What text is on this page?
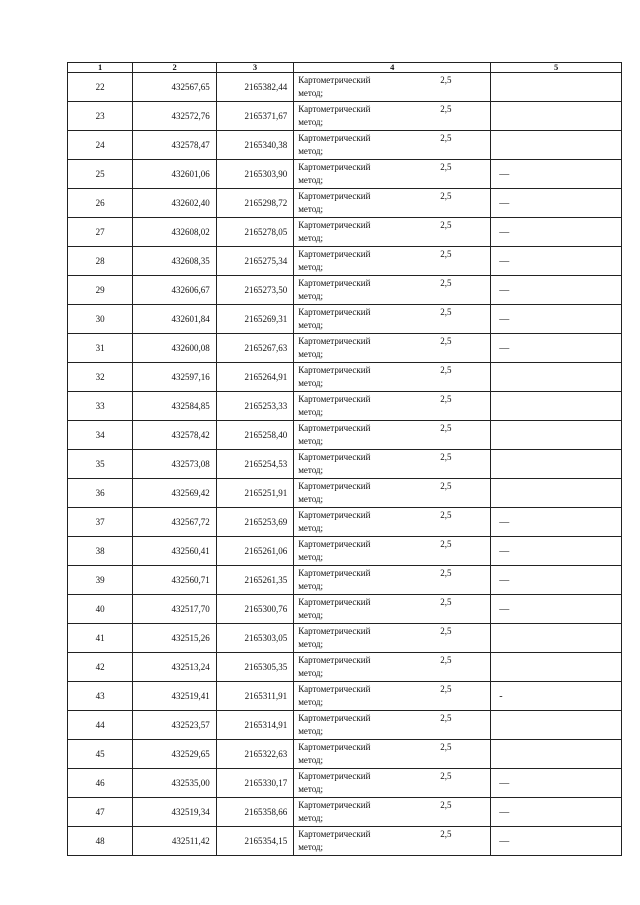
1	2	3	4	5
22	432567,65	2165382,44	Картометрический
метод;
2,5	

23	432572,76	2165371,67	Картометрический
метод;
2,5	

24	432578,47	2165340,38	Картометрический
метод;
2,5	

25	432601,06	2165303,90	Картометрический
метод;
2,5	—
26	432602,40	2165298,72	Картометрический
метод;
2,5	—
27	432608,02	2165278,05	Картометрический
метод;
2,5	—
28	432608,35	2165275,34	Картометрический
метод;
2,5	—
29	432606,67	2165273,50	Картометрический
метод;
2,5	—
30	432601,84	2165269,31	Картометрический
метод;
2,5	—
31	432600,08	2165267,63	Картометрический
метод;
2,5	—
32	432597,16	2165264,91	Картометрический
метод;
2,5	

33	432584,85	2165253,33	Картометрический
метод;
2,5	

34	432578,42	2165258,40	Картометрический
метод;
2,5	

35	432573,08	2165254,53	Картометрический
метод;
2,5	

36	432569,42	2165251,91	Картометрический
метод;
2,5	

37	432567,72	2165253,69	Картометрический
метод;
2,5	—
38	432560,41	2165261,06	Картометрический
метод;
2,5	—
39	432560,71	2165261,35	Картометрический
метод;
2,5	—
40	432517,70	2165300,76	Картометрический
метод;
2,5	—
41	432515,26	2165303,05	Картометрический
метод;
2,5	

42	432513,24	2165305,35	Картометрический
метод;
2,5	

43	432519,41	2165311,91	Картометрический
метод;
2,5	-
44	432523,57	2165314,91	Картометрический
метод;
2,5	

45	432529,65	2165322,63	Картометрический
метод;
2,5	

46	432535,00	2165330,17	Картометрический
метод;
2,5	—
47	432519,34	2165358,66	Картометрический
метод;
2,5	—
48	432511,42	2165354,15	Картометрический
метод;
2,5	—
